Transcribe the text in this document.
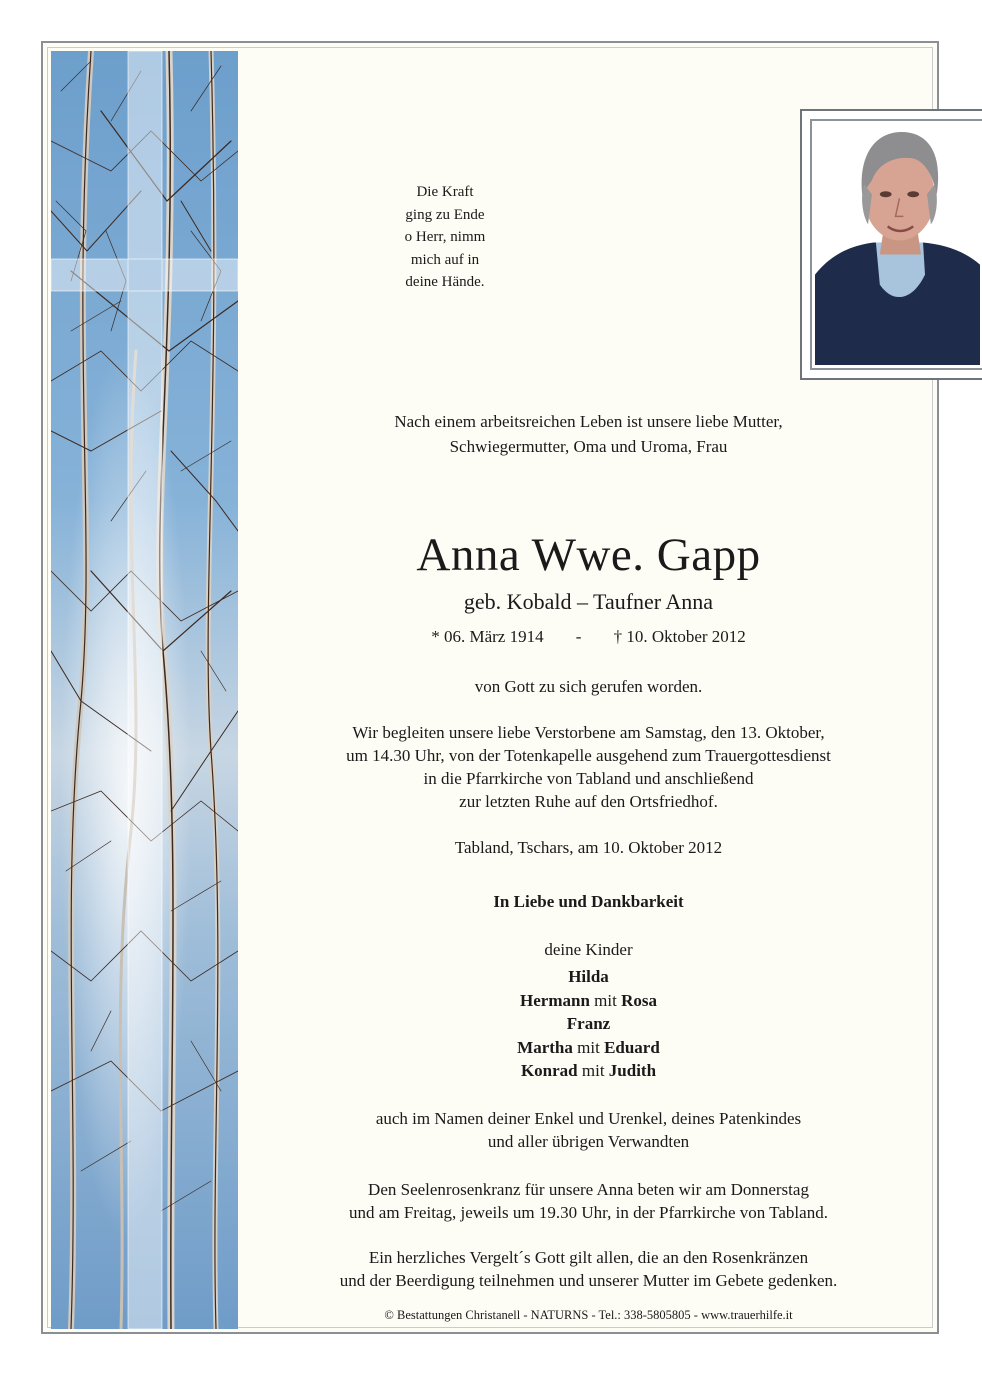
Die Kraft
ging zu Ende
o Herr, nimm
mich auf in
deine Hände.
Nach einem arbeitsreichen Leben ist unsere liebe Mutter,
Schwiegermutter, Oma und Uroma, Frau
Anna Wwe. Gapp
geb. Kobald – Taufner Anna
* 06. März 1914 - † 10. Oktober 2012
von Gott zu sich gerufen worden.
Wir begleiten unsere liebe Verstorbene am Samstag, den 13. Oktober,
um 14.30 Uhr, von der Totenkapelle ausgehend zum Trauergottesdienst
in die Pfarrkirche von Tabland und anschließend
zur letzten Ruhe auf den Ortsfriedhof.
Tabland, Tschars, am 10. Oktober 2012
In Liebe und Dankbarkeit
deine Kinder
Hilda
Hermann mit Rosa
Franz
Martha mit Eduard
Konrad mit Judith
auch im Namen deiner Enkel und Urenkel, deines Patenkindes
und aller übrigen Verwandten
Den Seelenrosenkranz für unsere Anna beten wir am Donnerstag
und am Freitag, jeweils um 19.30 Uhr, in der Pfarrkirche von Tabland.
Ein herzliches Vergelt´s Gott gilt allen, die an den Rosenkränzen
und der Beerdigung teilnehmen und unserer Mutter im Gebete gedenken.
© Bestattungen Christanell - NATURNS - Tel.: 338-5805805 - www.trauerhilfe.it
